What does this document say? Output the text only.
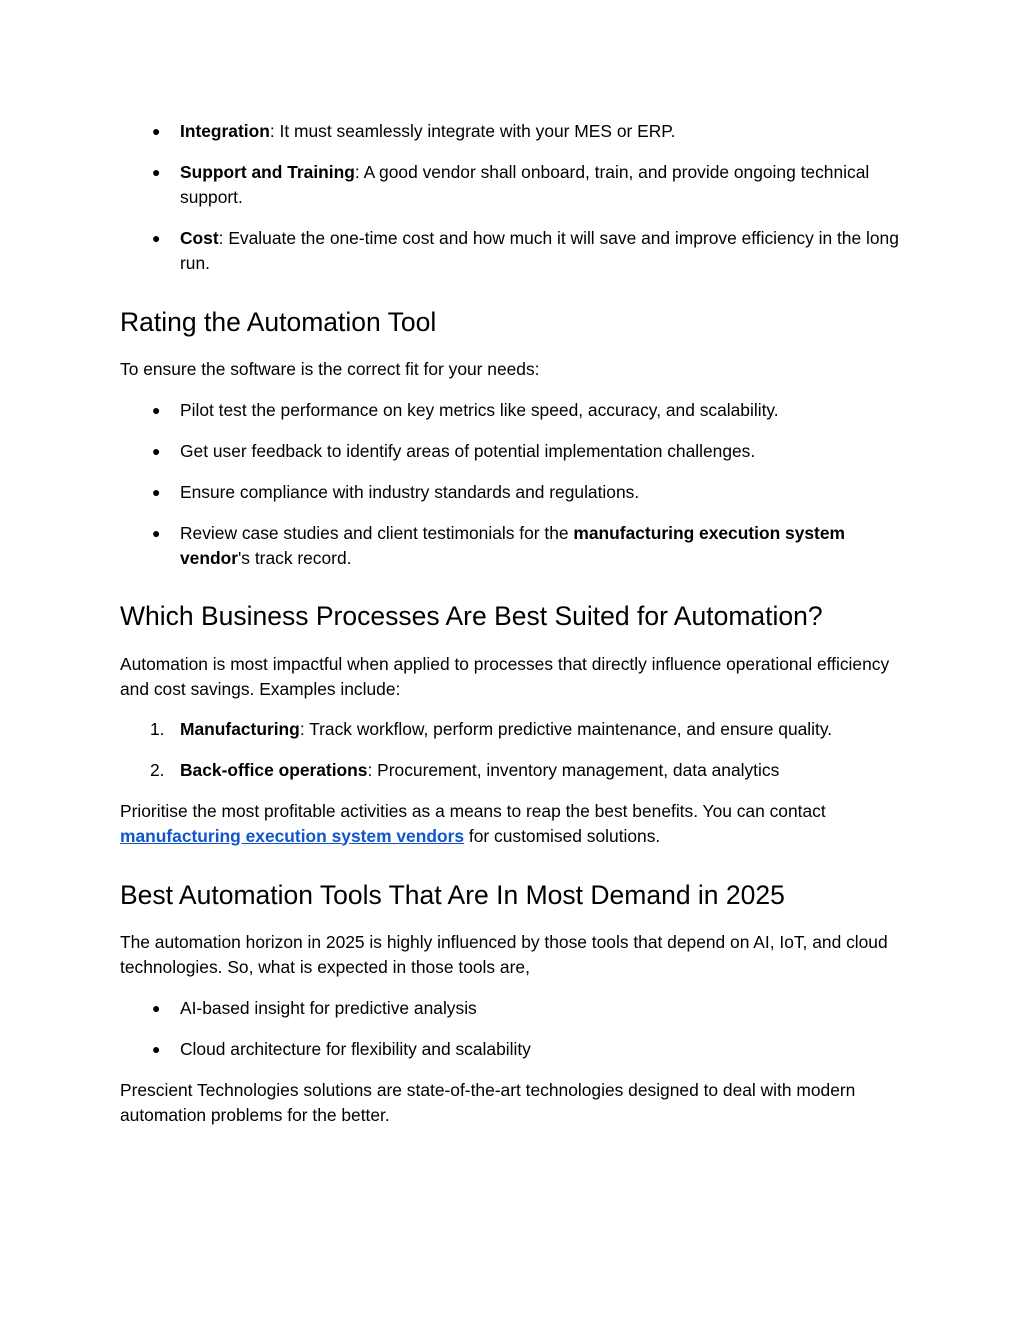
●	Integration: It must seamlessly integrate with your MES or ERP.
●	Support and Training: A good vendor shall onboard, train, and provide ongoing technical support.
●	Cost: Evaluate the one-time cost and how much it will save and improve efficiency in the long run.
Rating the Automation Tool

To ensure the software is the correct fit for your needs:

●	Pilot test the performance on key metrics like speed, accuracy, and scalability.
●	Get user feedback to identify areas of potential implementation challenges.
●	Ensure compliance with industry standards and regulations.
●	Review case studies and client testimonials for the manufacturing execution system vendor's track record.
Which Business Processes Are Best Suited for Automation?

Automation is most impactful when applied to processes that directly influence operational efficiency and cost savings. Examples include:

1. Manufacturing: Track workflow, perform predictive maintenance, and ensure quality.
2. Back-office operations: Procurement, inventory management, data analytics

Prioritise the most profitable activities as a means to reap the best benefits. You can contact manufacturing execution system vendors for customised solutions.

Best Automation Tools That Are In Most Demand in 2025

The automation horizon in 2025 is highly influenced by those tools that depend on AI, IoT, and cloud technologies. So, what is expected in those tools are,

●	AI-based insight for predictive analysis
●	Cloud architecture for flexibility and scalability

Prescient Technologies solutions are state-of-the-art technologies designed to deal with modern automation problems for the better.
